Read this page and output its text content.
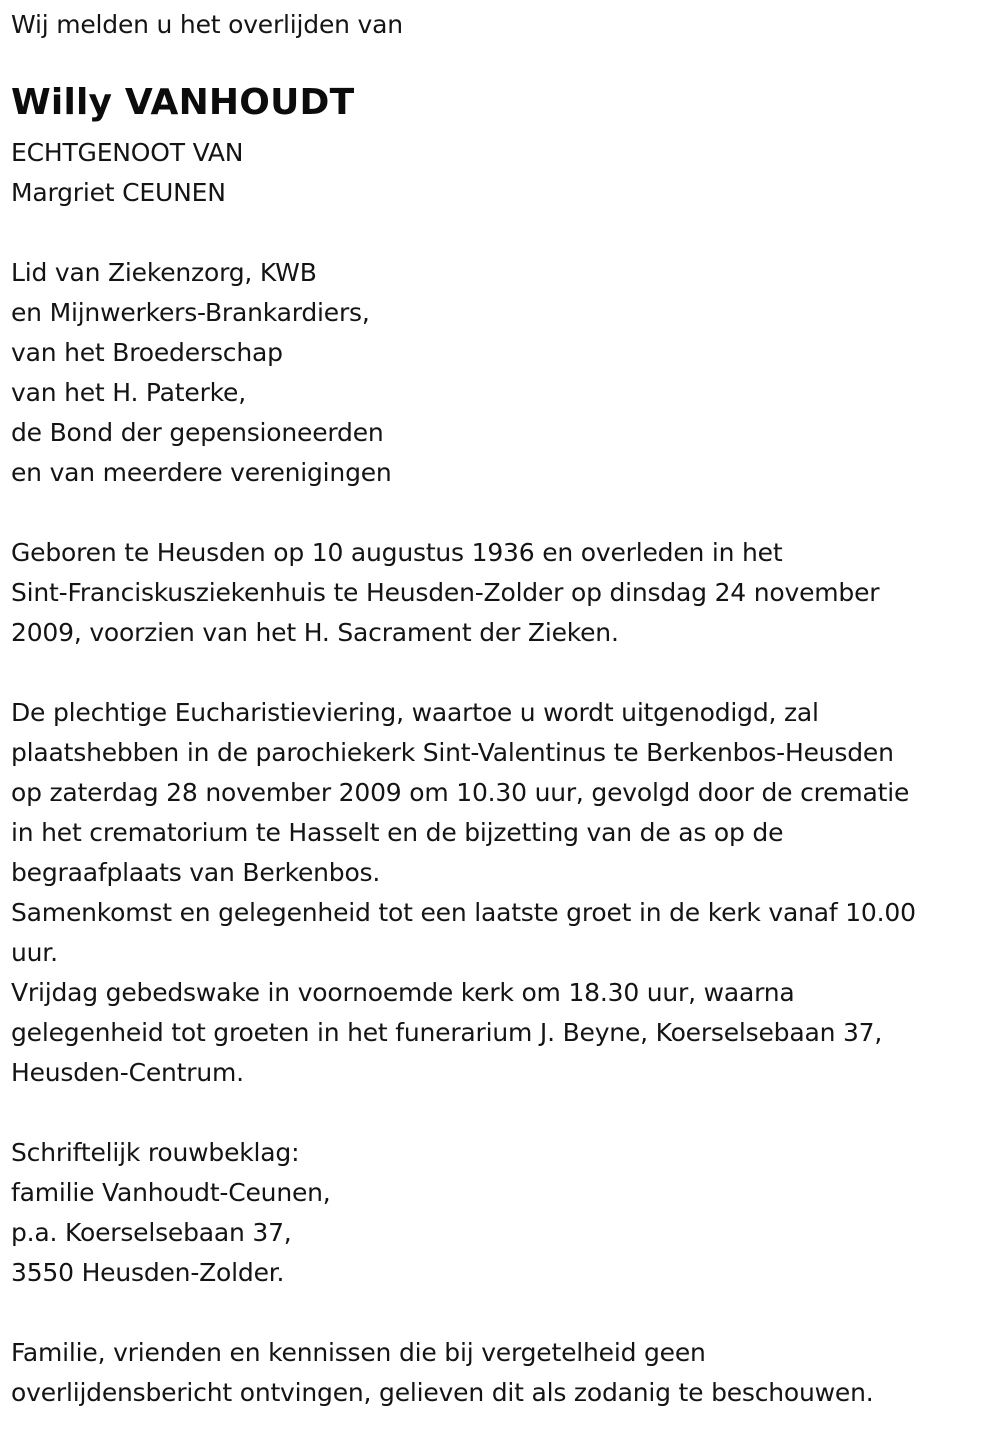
Wij melden u het overlijden van
Willy VANHOUDT
ECHTGENOOT VAN
Margriet CEUNEN
Lid van Ziekenzorg, KWB
en Mijnwerkers-Brankardiers,
van het Broederschap
van het H. Paterke,
de Bond der gepensioneerden
en van meerdere verenigingen
Geboren te Heusden op 10 augustus 1936 en overleden in het
Sint-Franciskusziekenhuis te Heusden-Zolder op dinsdag 24 november
2009, voorzien van het H. Sacrament der Zieken.
De plechtige Eucharistieviering, waartoe u wordt uitgenodigd, zal
plaatshebben in de parochiekerk Sint-Valentinus te Berkenbos-Heusden
op zaterdag 28 november 2009 om 10.30 uur, gevolgd door de crematie
in het crematorium te Hasselt en de bijzetting van de as op de
begraafplaats van Berkenbos.
Samenkomst en gelegenheid tot een laatste groet in de kerk vanaf 10.00
uur.
Vrijdag gebedswake in voornoemde kerk om 18.30 uur, waarna
gelegenheid tot groeten in het funerarium J. Beyne, Koerselsebaan 37,
Heusden-Centrum.
Schriftelijk rouwbeklag:
familie Vanhoudt-Ceunen,
p.a. Koerselsebaan 37,
3550 Heusden-Zolder.
Familie, vrienden en kennissen die bij vergetelheid geen
overlijdensbericht ontvingen, gelieven dit als zodanig te beschouwen.
